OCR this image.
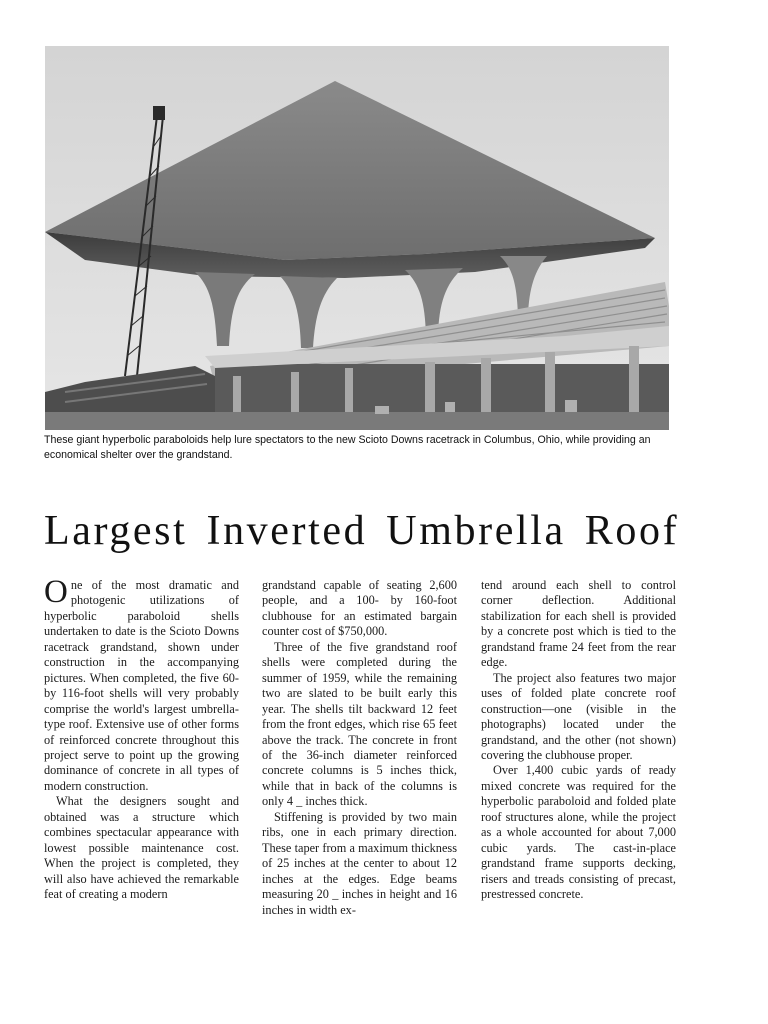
These giant hyperbolic paraboloids help lure spectators to the new Scioto Downs racetrack in Columbus, Ohio, while providing an economical shelter over the grandstand.
Largest Inverted Umbrella Roof

One of the most dramatic and photogenic utilizations of hyperbolic paraboloid shells undertaken to date is the Scioto Downs racetrack grandstand, shown under construction in the accompanying pictures. When completed, the five 60- by 116-foot shells will very probably comprise the world's largest umbrella-type roof. Extensive use of other forms of reinforced concrete throughout this project serve to point up the growing dominance of concrete in all types of modern construction.

What the designers sought and obtained was a structure which combines spectacular appearance with lowest possible maintenance cost. When the project is completed, they will also have achieved the remarkable feat of creating a modern

grandstand capable of seating 2,600 people, and a 100- by 160-foot clubhouse for an estimated bargain counter cost of $750,000.

Three of the five grandstand roof shells were completed during the summer of 1959, while the remaining two are slated to be built early this year. The shells tilt backward 12 feet from the front edges, which rise 65 feet above the track. The concrete in front of the 36-inch diameter reinforced concrete columns is 5 inches thick, while that in back of the columns is only 4 _ inches thick.

Stiffening is provided by two main ribs, one in each primary direction. These taper from a maximum thickness of 25 inches at the center to about 12 inches at the edges. Edge beams measuring 20 _ inches in height and 16 inches in width ex-

tend around each shell to control corner deflection. Additional stabilization for each shell is provided by a concrete post which is tied to the grandstand frame 24 feet from the rear edge.

The project also features two major uses of folded plate concrete roof construction—one (visible in the photographs) located under the grandstand, and the other (not shown) covering the clubhouse proper.

Over 1,400 cubic yards of ready mixed concrete was required for the hyperbolic paraboloid and folded plate roof structures alone, while the project as a whole accounted for about 7,000 cubic yards. The cast-in-place grandstand frame supports decking, risers and treads consisting of precast, prestressed concrete.
